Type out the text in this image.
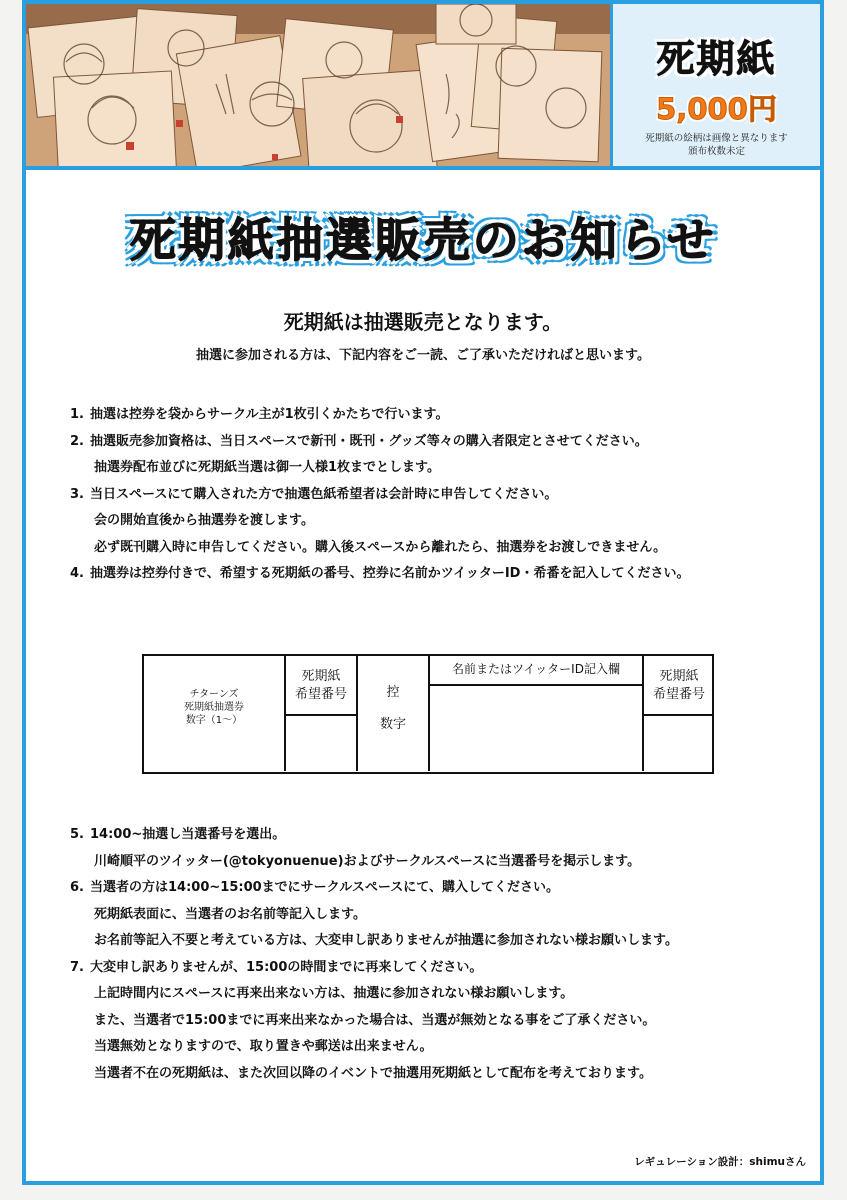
死期紙
5,000円
死期紙の絵柄は画像と異なります
頒布枚数未定
死期紙抽選販売のお知らせ
死期紙は抽選販売となります。
抽選に参加される方は、下記内容をご一読、ご了承いただければと思います。
1. 抽選は控券を袋からサークル主が1枚引くかたちで行います。
2. 抽選販売参加資格は、当日スペースで新刊・既刊・グッズ等々の購入者限定とさせてください。
抽選券配布並びに死期紙当選は御一人様1枚までとします。
3. 当日スペースにて購入された方で抽選色紙希望者は会計時に申告してください。
会の開始直後から抽選券を渡します。
必ず既刊購入時に申告してください。購入後スペースから離れたら、抽選券をお渡しできません。
4. 抽選券は控券付きで、希望する死期紙の番号、控券に名前かツイッターID・希番を記入してください。
チターンズ
死期紙抽選券
数字（1～）
死期紙
希望番号	控
数字
名前またはツイッターID記入欄	死期紙
希望番号
5. 14:00~抽選し当選番号を選出。
川崎順平のツイッター(@tokyonuenue)およびサークルスペースに当選番号を掲示します。
6. 当選者の方は14:00~15:00までにサークルスペースにて、購入してください。
死期紙表面に、当選者のお名前等記入します。
お名前等記入不要と考えている方は、大変申し訳ありませんが抽選に参加されない様お願いします。
7. 大変申し訳ありませんが、15:00の時間までに再来してください。
上記時間内にスペースに再来出来ない方は、抽選に参加されない様お願いします。
また、当選者で15:00までに再来出来なかった場合は、当選が無効となる事をご了承ください。
当選無効となりますので、取り置きや郵送は出来ません。
当選者不在の死期紙は、また次回以降のイベントで抽選用死期紙として配布を考えております。
レギュレーション設計：shimuさん
